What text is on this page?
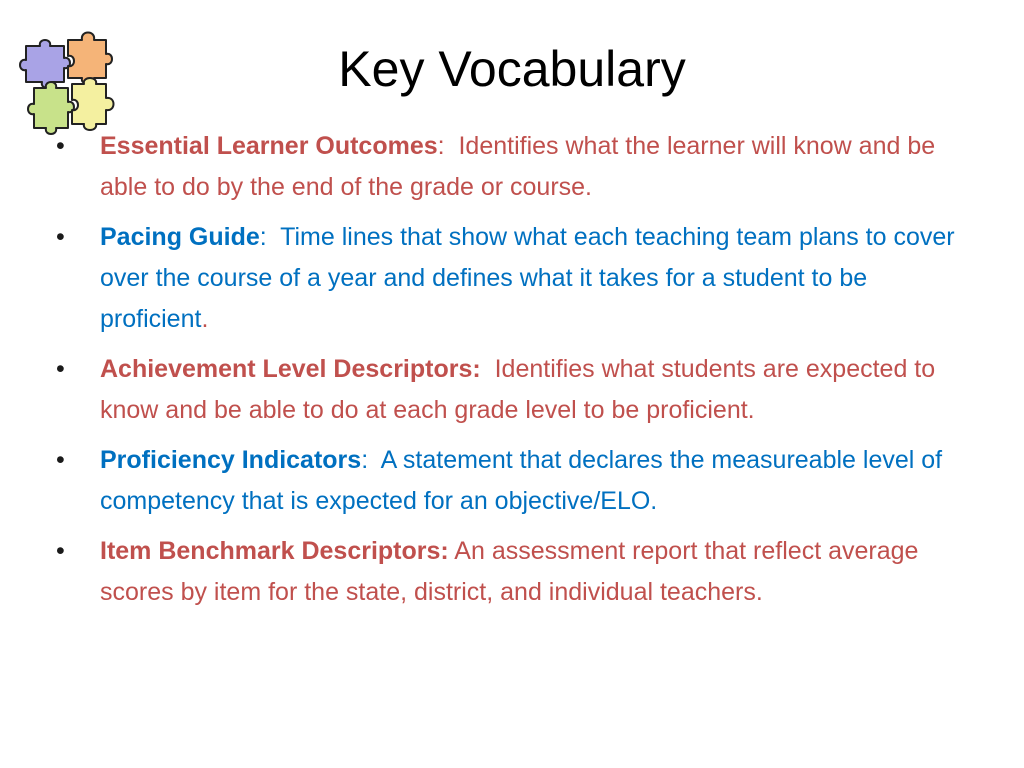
Key Vocabulary
• Essential Learner Outcomes:  Identifies what the learner will know and be able to do by the end of the grade or course.
• Pacing Guide:  Time lines that show what each teaching team plans to cover over the course of a year and defines what it takes for a student to be proficient.
• Achievement Level Descriptors:  Identifies what students are expected to know and be able to do at each grade level to be proficient.
• Proficiency Indicators:  A statement that declares the measureable level of competency that is expected for an objective/ELO.
• Item Benchmark Descriptors: An assessment report that reflect average scores by item for the state, district, and individual teachers.
